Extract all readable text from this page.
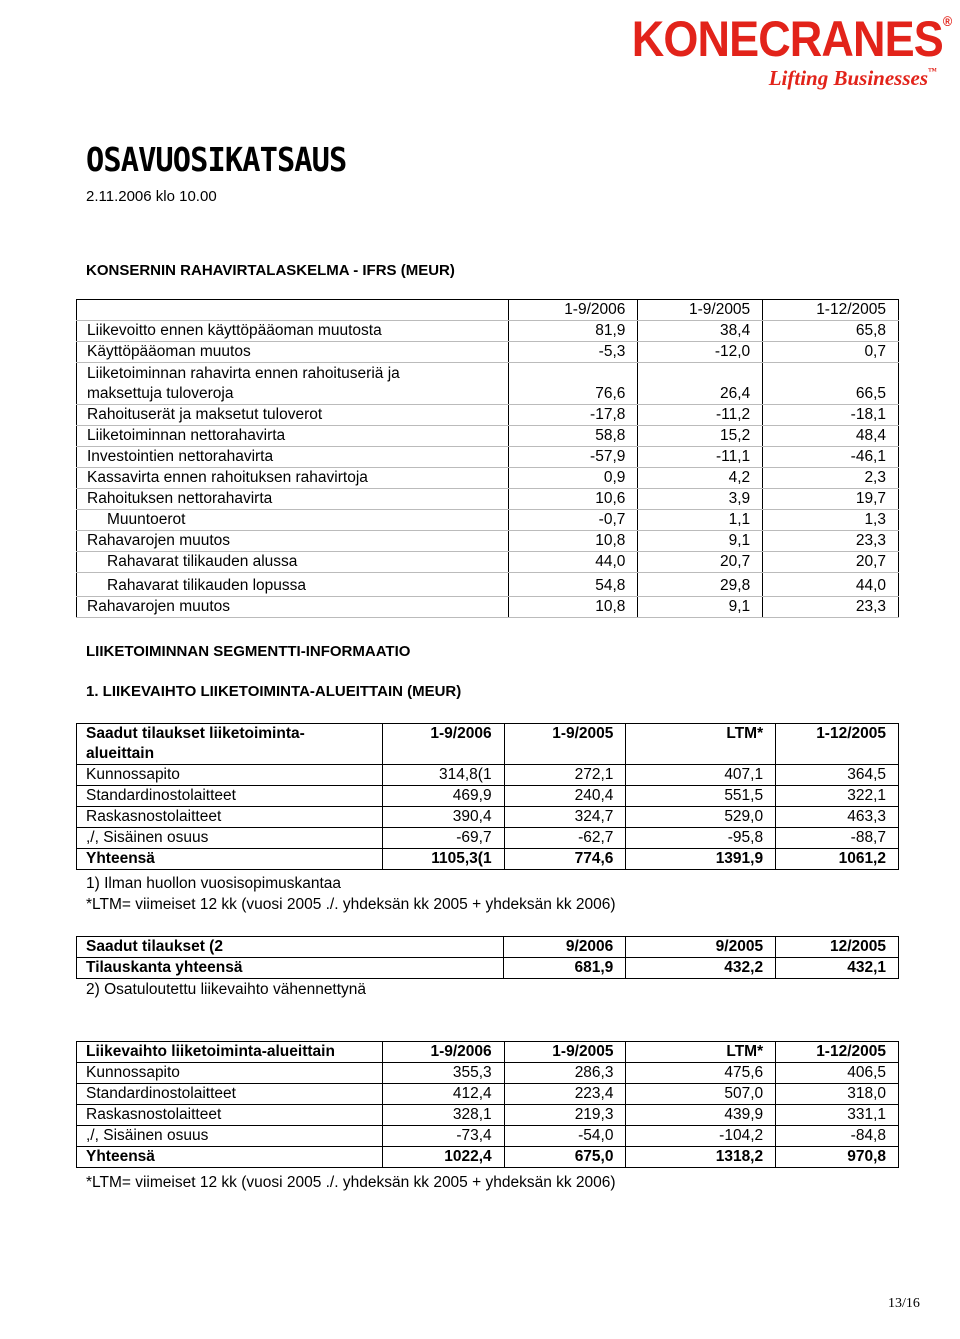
KONECRANES®
Lifting Businesses™
OSAVUOSIKATSAUS
2.11.2006 klo 10.00
KONSERNIN RAHAVIRTALASKELMA - IFRS (MEUR)
	1-9/2006	1-9/2005	1-12/2005
Liikevoitto ennen käyttöpääoman muutosta	81,9	38,4	65,8
Käyttöpääoman muutos	-5,3	-12,0	0,7
Liiketoiminnan rahavirta ennen rahoituseriä ja
maksettuja tuloveroja	76,6	26,4	66,5
Rahoituserät ja maksetut tuloverot	-17,8	-11,2	-18,1
Liiketoiminnan nettorahavirta	58,8	15,2	48,4
Investointien nettorahavirta	-57,9	-11,1	-46,1
Kassavirta ennen rahoituksen rahavirtoja	0,9	4,2	2,3
Rahoituksen nettorahavirta	10,6	3,9	19,7
Muuntoerot	-0,7	1,1	1,3
Rahavarojen muutos	10,8	9,1	23,3
Rahavarat tilikauden alussa	44,0	20,7	20,7
Rahavarat tilikauden lopussa	54,8	29,8	44,0
Rahavarojen muutos	10,8	9,1	23,3
LIIKETOIMINNAN SEGMENTTI-INFORMAATIO
1. LIIKEVAIHTO LIIKETOIMINTA-ALUEITTAIN (MEUR)
Saadut tilaukset liiketoiminta-
alueittain	1-9/2006	1-9/2005	LTM*	1-12/2005
Kunnossapito	314,8(1	272,1	407,1	364,5
Standardinostolaitteet	469,9	240,4	551,5	322,1
Raskasnostolaitteet	390,4	324,7	529,0	463,3
,/, Sisäinen osuus	-69,7	-62,7	-95,8	-88,7
Yhteensä	1105,3(1	774,6	1391,9	1061,2
1) Ilman huollon vuosisopimuskantaa
*LTM= viimeiset 12 kk (vuosi 2005 ./. yhdeksän kk 2005 + yhdeksän kk 2006)
Saadut tilaukset (2	9/2006	9/2005	12/2005
Tilauskanta yhteensä	681,9	432,2	432,1
2) Osatuloutettu liikevaihto vähennettynä
Liikevaihto liiketoiminta-alueittain	1-9/2006	1-9/2005	LTM*	1-12/2005
Kunnossapito	355,3	286,3	475,6	406,5
Standardinostolaitteet	412,4	223,4	507,0	318,0
Raskasnostolaitteet	328,1	219,3	439,9	331,1
,/, Sisäinen osuus	-73,4	-54,0	-104,2	-84,8
Yhteensä	1022,4	675,0	1318,2	970,8
*LTM= viimeiset 12 kk (vuosi 2005 ./. yhdeksän kk 2005 + yhdeksän kk 2006)
13/16
